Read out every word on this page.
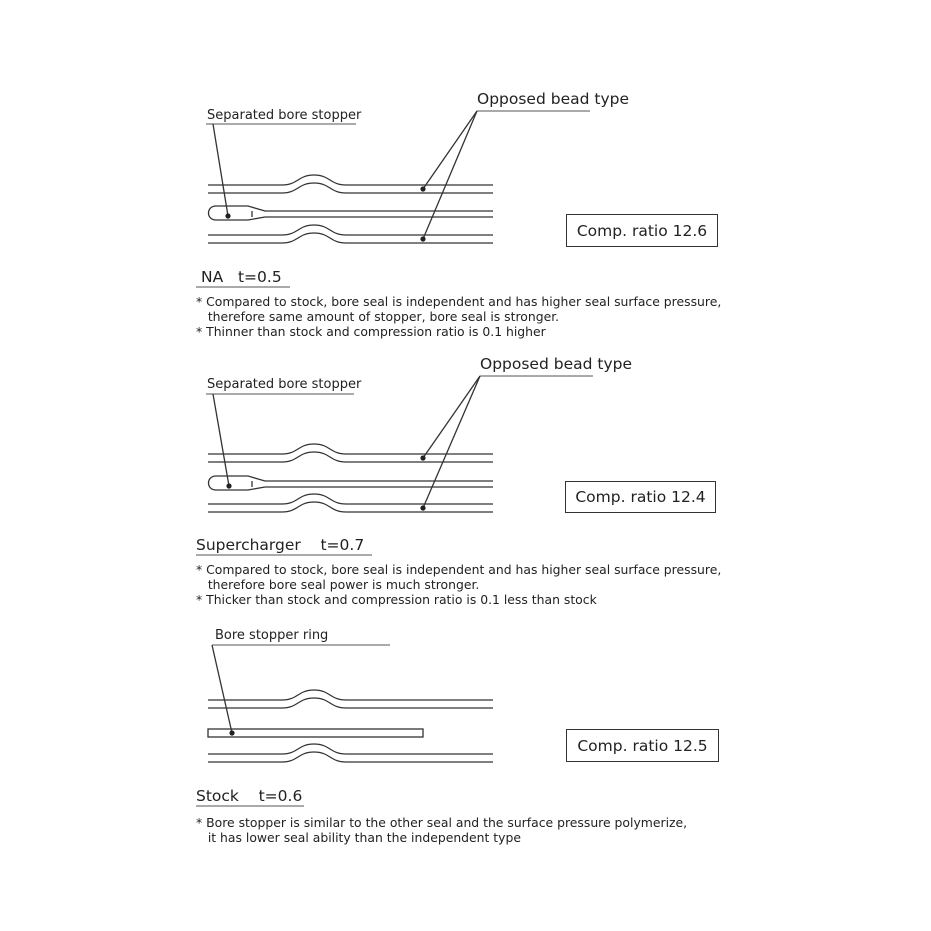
Separated bore stopper
Opposed bead type
Comp. ratio 12.6
NA   t=0.5
* Compared to stock, bore seal is independent and has higher seal surface pressure,
therefore same amount of stopper, bore seal is stronger.
* Thinner than stock and compression ratio is 0.1 higher
Separated bore stopper
Opposed bead type
Comp. ratio 12.4
Supercharger    t=0.7
* Compared to stock, bore seal is independent and has higher seal surface pressure,
therefore bore seal power is much stronger.
* Thicker than stock and compression ratio is 0.1 less than stock
Bore stopper ring
Comp. ratio 12.5
Stock    t=0.6
* Bore stopper is similar to the other seal and the surface pressure polymerize,
it has lower seal ability than the independent type
